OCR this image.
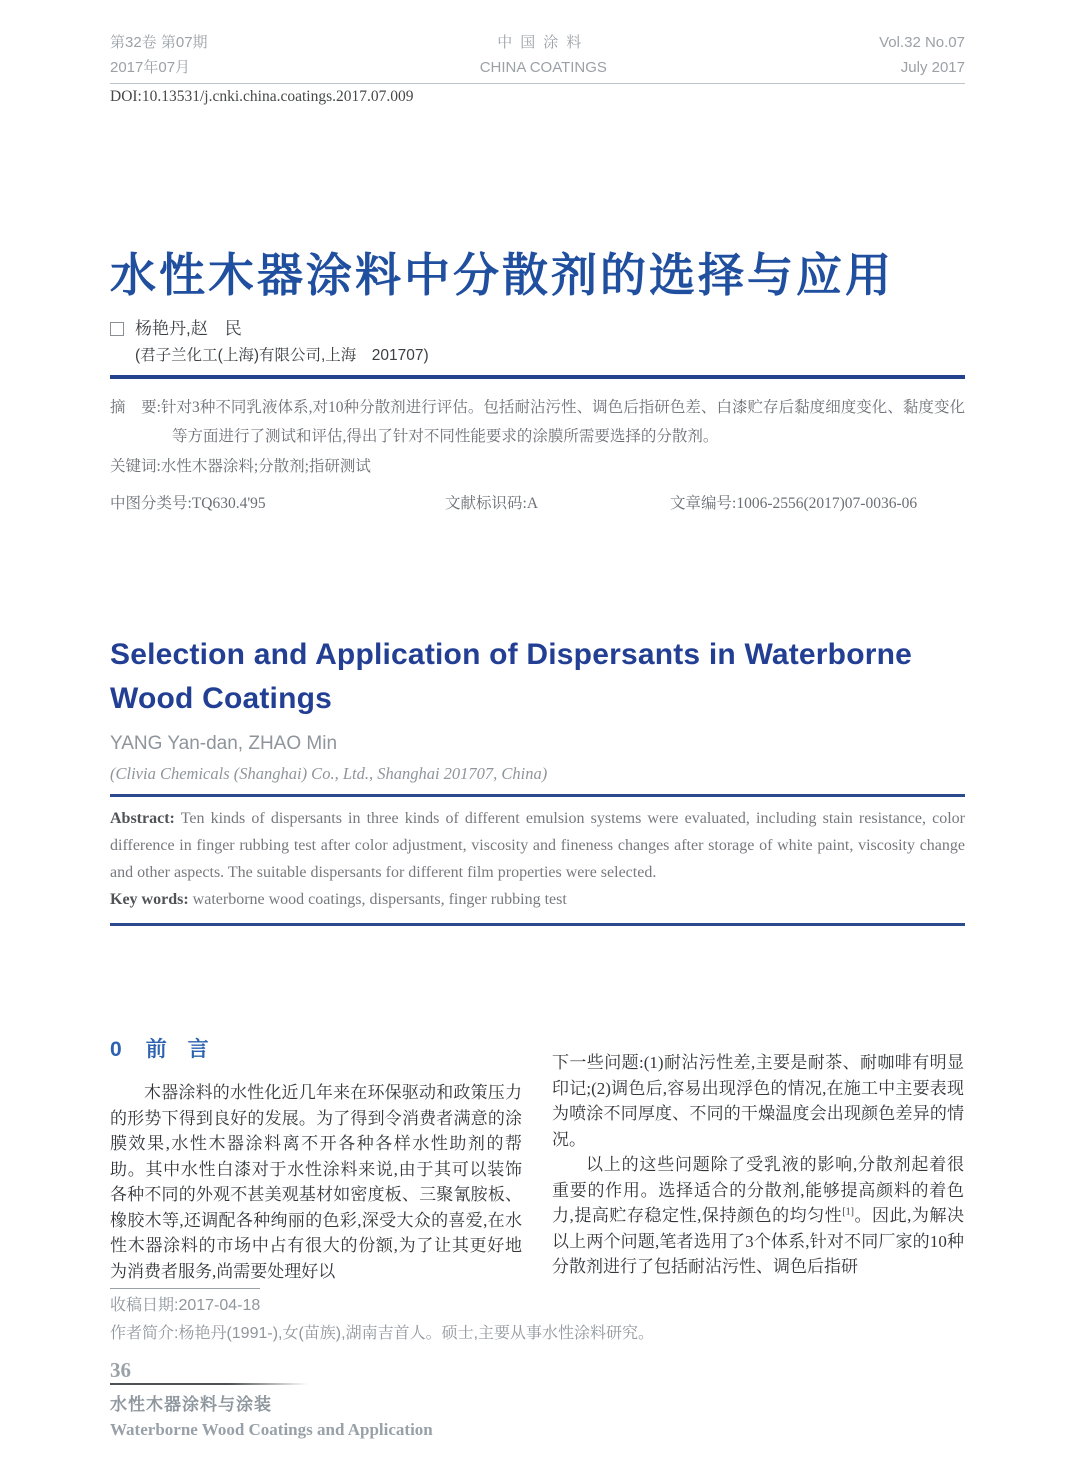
第32卷 第07期
2017年07月
中国涂料
CHINA COATINGS
Vol.32 No.07
July 2017
DOI:10.13531/j.cnki.china.coatings.2017.07.009
水性木器涂料中分散剂的选择与应用
杨艳丹,赵　民
(君子兰化工(上海)有限公司,上海　201707)
摘　要:针对3种不同乳液体系,对10种分散剂进行评估。包括耐沾污性、调色后指研色差、白漆贮存后黏度细度变化、黏度变化等方面进行了测试和评估,得出了针对不同性能要求的涂膜所需要选择的分散剂。
关键词:水性木器涂料;分散剂;指研测试
中图分类号:TQ630.4'95	文献标识码:A	文章编号:1006-2556(2017)07-0036-06
Selection and Application of Dispersants in Waterborne Wood Coatings
YANG Yan-dan, ZHAO Min
(Clivia Chemicals (Shanghai) Co., Ltd., Shanghai 201707, China)
Abstract: Ten kinds of dispersants in three kinds of different emulsion systems were evaluated, including stain resistance, color difference in finger rubbing test after color adjustment, viscosity and fineness changes after storage of white paint, viscosity change and other aspects. The suitable dispersants for different film properties were selected.
Key words: waterborne wood coatings, dispersants, finger rubbing test
0 前　言

木器涂料的水性化近几年来在环保驱动和政策压力的形势下得到良好的发展。为了得到令消费者满意的涂膜效果,水性木器涂料离不开各种各样水性助剂的帮助。其中水性白漆对于水性涂料来说,由于其可以装饰各种不同的外观不甚美观基材如密度板、三聚氰胺板、橡胶木等,还调配各种绚丽的色彩,深受大众的喜爱,在水性木器涂料的市场中占有很大的份额,为了让其更好地为消费者服务,尚需要处理好以

下一些问题:(1)耐沾污性差,主要是耐茶、耐咖啡有明显印记;(2)调色后,容易出现浮色的情况,在施工中主要表现为喷涂不同厚度、不同的干燥温度会出现颜色差异的情况。

以上的这些问题除了受乳液的影响,分散剂起着很重要的作用。选择适合的分散剂,能够提高颜料的着色力,提高贮存稳定性,保持颜色的均匀性[1]。因此,为解决以上两个问题,笔者选用了3个体系,针对不同厂家的10种分散剂进行了包括耐沾污性、调色后指研

收稿日期:2017-04-18
作者简介:杨艳丹(1991-),女(苗族),湖南吉首人。硕士,主要从事水性涂料研究。
36
水性木器涂料与涂装
Waterborne Wood Coatings and Application
